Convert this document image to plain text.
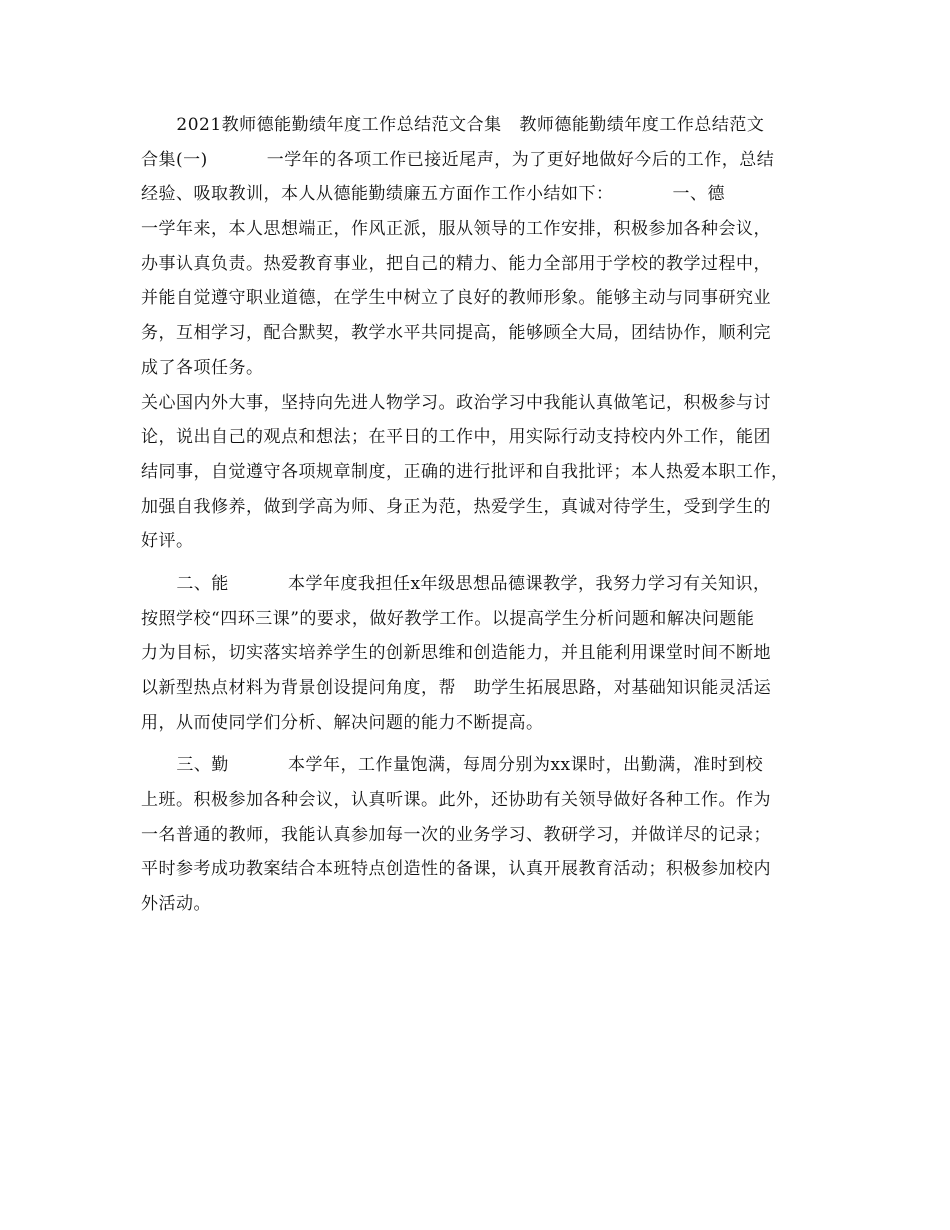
2021教师德能勤绩年度工作总结范文合集   教师德能勤绩年度工作总结范文
合集(一)          一学年的各项工作已接近尾声，为了更好地做好今后的工作，总结
经验、吸取教训，本人从德能勤绩廉五方面作工作小结如下：          一、德
一学年来，本人思想端正，作风正派，服从领导的工作安排，积极参加各种会议，
办事认真负责。热爱教育事业，把自己的精力、能力全部用于学校的教学过程中，
并能自觉遵守职业道德，在学生中树立了良好的教师形象。能够主动与同事研究业
务，互相学习，配合默契，教学水平共同提高，能够顾全大局，团结协作，顺利完
成了各项任务。
关心国内外大事，坚持向先进人物学习。政治学习中我能认真做笔记，积极参与讨
论，说出自己的观点和想法；在平日的工作中，用实际行动支持校内外工作，能团
结同事，自觉遵守各项规章制度，正确的进行批评和自我批评；本人热爱本职工作，
加强自我修养，做到学高为师、身正为范，热爱学生，真诚对待学生，受到学生的
好评。
二、能          本学年度我担任x年级思想品德课教学，我努力学习有关知识，
按照学校“四环三课”的要求，做好教学工作。以提高学生分析问题和解决问题能
力为目标，切实落实培养学生的创新思维和创造能力，并且能利用课堂时间不断地
以新型热点材料为背景创设提问角度，帮   助学生拓展思路，对基础知识能灵活运
用，从而使同学们分析、解决问题的能力不断提高。
三、勤          本学年，工作量饱满，每周分别为xx课时，出勤满，准时到校
上班。积极参加各种会议，认真听课。此外，还协助有关领导做好各种工作。作为
一名普通的教师，我能认真参加每一次的业务学习、教研学习，并做详尽的记录；
平时参考成功教案结合本班特点创造性的备课，认真开展教育活动；积极参加校内
外活动。
